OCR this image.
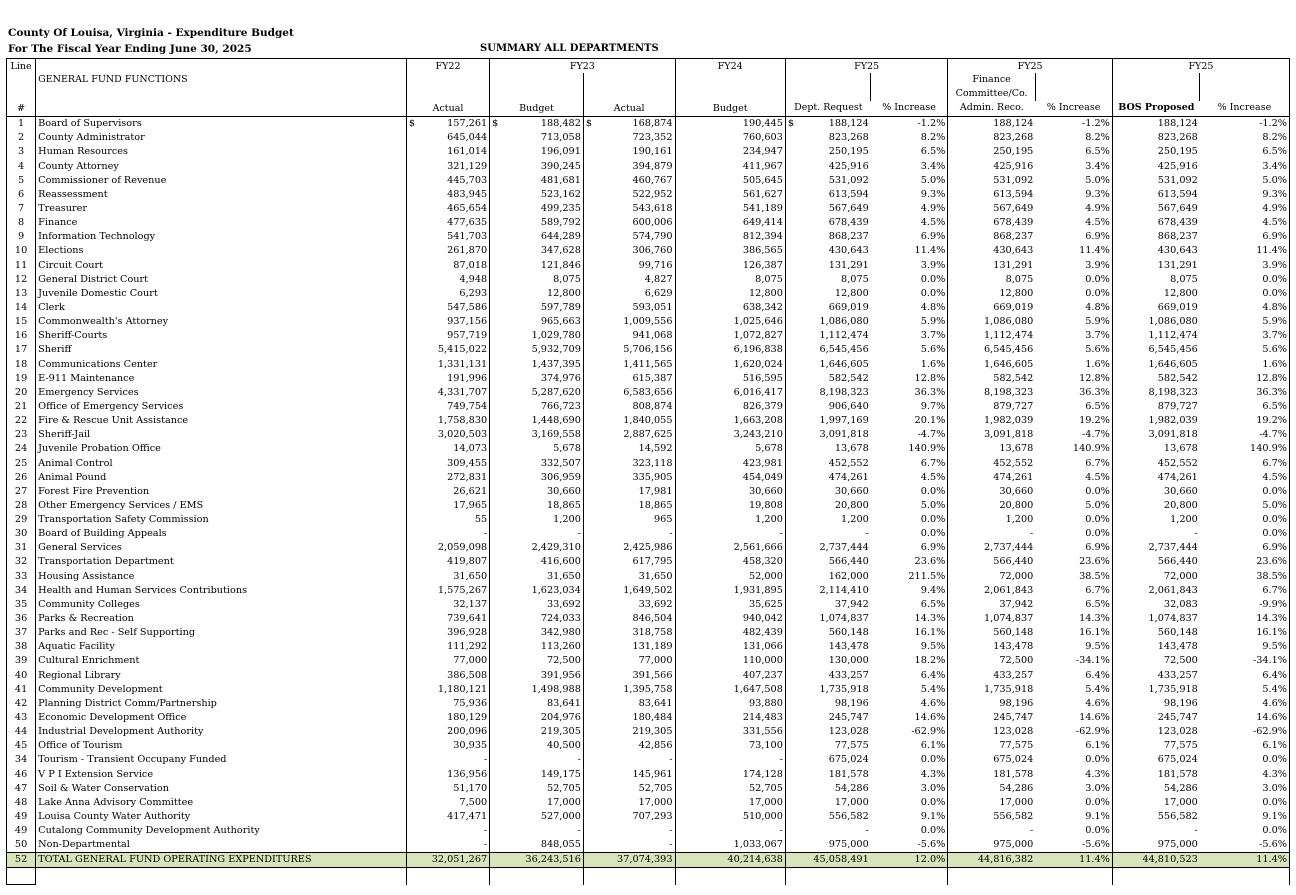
County Of Louisa, Virginia - Expenditure Budget
For The Fiscal Year Ending June 30, 2025	SUMMARY ALL DEPARTMENTS
Line		FY22	FY23		FY24	FY25		FY25		FY25	
	GENERAL FUND FUNCTIONS							Finance			
								Committee/Co.			
#		Actual	Budget	Actual	Budget	Dept. Request	% Increase	Admin. Reco.	% Increase	BOS Proposed	% Increase
1	Board of Supervisors	$ 157,261	$ 188,482	$ 168,874	190,445	$ 188,124	-1.2%	188,124	-1.2%	188,124	-1.2%
2	County Administrator	645,044	713,058	723,352	760,603	823,268	8.2%	823,268	8.2%	823,268	8.2%
3	Human Resources	161,014	196,091	190,161	234,947	250,195	6.5%	250,195	6.5%	250,195	6.5%
4	County Attorney	321,129	390,245	394,879	411,967	425,916	3.4%	425,916	3.4%	425,916	3.4%
5	Commissioner of Revenue	445,703	481,681	460,767	505,645	531,092	5.0%	531,092	5.0%	531,092	5.0%
6	Reassessment	483,945	523,162	522,952	561,627	613,594	9.3%	613,594	9.3%	613,594	9.3%
7	Treasurer	465,654	499,235	543,618	541,189	567,649	4.9%	567,649	4.9%	567,649	4.9%
8	Finance	477,635	589,792	600,006	649,414	678,439	4.5%	678,439	4.5%	678,439	4.5%
9	Information Technology	541,703	644,289	574,790	812,394	868,237	6.9%	868,237	6.9%	868,237	6.9%
10	Elections	261,870	347,628	306,760	386,565	430,643	11.4%	430,643	11.4%	430,643	11.4%
11	Circuit Court	87,018	121,846	99,716	126,387	131,291	3.9%	131,291	3.9%	131,291	3.9%
12	General District Court	4,948	8,075	4,827	8,075	8,075	0.0%	8,075	0.0%	8,075	0.0%
13	Juvenile Domestic Court	6,293	12,800	6,629	12,800	12,800	0.0%	12,800	0.0%	12,800	0.0%
14	Clerk	547,586	597,789	593,051	638,342	669,019	4.8%	669,019	4.8%	669,019	4.8%
15	Commonwealth's Attorney	937,156	965,663	1,009,556	1,025,646	1,086,080	5.9%	1,086,080	5.9%	1,086,080	5.9%
16	Sheriff-Courts	957,719	1,029,780	941,068	1,072,827	1,112,474	3.7%	1,112,474	3.7%	1,112,474	3.7%
17	Sheriff	5,415,022	5,932,709	5,706,156	6,196,838	6,545,456	5.6%	6,545,456	5.6%	6,545,456	5.6%
18	Communications Center	1,331,131	1,437,395	1,411,565	1,620,024	1,646,605	1.6%	1,646,605	1.6%	1,646,605	1.6%
19	E-911 Maintenance	191,996	374,976	615,387	516,595	582,542	12.8%	582,542	12.8%	582,542	12.8%
20	Emergency Services	4,331,707	5,287,620	6,583,656	6,016,417	8,198,323	36.3%	8,198,323	36.3%	8,198,323	36.3%
21	Office of Emergency Services	749,754	766,723	808,874	826,379	906,640	9.7%	879,727	6.5%	879,727	6.5%
22	Fire & Rescue Unit Assistance	1,758,830	1,448,690	1,840,055	1,663,208	1,997,169	20.1%	1,982,039	19.2%	1,982,039	19.2%
23	Sheriff-Jail	3,020,503	3,169,558	2,887,625	3,243,210	3,091,818	-4.7%	3,091,818	-4.7%	3,091,818	-4.7%
24	Juvenile Probation Office	14,073	5,678	14,592	5,678	13,678	140.9%	13,678	140.9%	13,678	140.9%
25	Animal Control	309,455	332,507	323,118	423,981	452,552	6.7%	452,552	6.7%	452,552	6.7%
26	Animal Pound	272,831	306,959	335,905	454,049	474,261	4.5%	474,261	4.5%	474,261	4.5%
27	Forest Fire Prevention	26,621	30,660	17,981	30,660	30,660	0.0%	30,660	0.0%	30,660	0.0%
28	Other Emergency Services / EMS	17,965	18,865	18,865	19,808	20,800	5.0%	20,800	5.0%	20,800	5.0%
29	Transportation Safety Commission	55	1,200	965	1,200	1,200	0.0%	1,200	0.0%	1,200	0.0%
30	Board of Building Appeals	-	-	-	-	-	0.0%	-	0.0%	-	0.0%
31	General Services	2,059,098	2,429,310	2,425,986	2,561,666	2,737,444	6.9%	2,737,444	6.9%	2,737,444	6.9%
32	Transportation Department	419,807	416,600	617,795	458,320	566,440	23.6%	566,440	23.6%	566,440	23.6%
33	Housing Assistance	31,650	31,650	31,650	52,000	162,000	211.5%	72,000	38.5%	72,000	38.5%
34	Health and Human Services Contributions	1,575,267	1,623,034	1,649,502	1,931,895	2,114,410	9.4%	2,061,843	6.7%	2,061,843	6.7%
35	Community Colleges	32,137	33,692	33,692	35,625	37,942	6.5%	37,942	6.5%	32,083	-9.9%
36	Parks & Recreation	739,641	724,033	846,504	940,042	1,074,837	14.3%	1,074,837	14.3%	1,074,837	14.3%
37	Parks and Rec - Self Supporting	396,928	342,980	318,758	482,439	560,148	16.1%	560,148	16.1%	560,148	16.1%
38	Aquatic Facility	111,292	113,260	131,189	131,066	143,478	9.5%	143,478	9.5%	143,478	9.5%
39	Cultural Enrichment	77,000	72,500	77,000	110,000	130,000	18.2%	72,500	-34.1%	72,500	-34.1%
40	Regional Library	386,508	391,956	391,566	407,237	433,257	6.4%	433,257	6.4%	433,257	6.4%
41	Community Development	1,180,121	1,498,988	1,395,758	1,647,508	1,735,918	5.4%	1,735,918	5.4%	1,735,918	5.4%
42	Planning District Comm/Partnership	75,936	83,641	83,641	93,880	98,196	4.6%	98,196	4.6%	98,196	4.6%
43	Economic Development Office	180,129	204,976	180,484	214,483	245,747	14.6%	245,747	14.6%	245,747	14.6%
44	Industrial Development Authority	200,096	219,305	219,305	331,556	123,028	-62.9%	123,028	-62.9%	123,028	-62.9%
45	Office of Tourism	30,935	40,500	42,856	73,100	77,575	6.1%	77,575	6.1%	77,575	6.1%
34	Tourism - Transient Occupany Funded	-	-	-	-	675,024	0.0%	675,024	0.0%	675,024	0.0%
46	V P I Extension Service	136,956	149,175	145,961	174,128	181,578	4.3%	181,578	4.3%	181,578	4.3%
47	Soil & Water Conservation	51,170	52,705	52,705	52,705	54,286	3.0%	54,286	3.0%	54,286	3.0%
48	Lake Anna Advisory Committee	7,500	17,000	17,000	17,000	17,000	0.0%	17,000	0.0%	17,000	0.0%
49	Louisa County Water Authority	417,471	527,000	707,293	510,000	556,582	9.1%	556,582	9.1%	556,582	9.1%
49	Cutalong Community Development Authority	-	-	-	-	-	0.0%	-	0.0%	-	0.0%
50	Non-Departmental	-	848,055	-	1,033,067	975,000	-5.6%	975,000	-5.6%	975,000	-5.6%
52	TOTAL GENERAL FUND OPERATING EXPENDITURES	32,051,267	36,243,516	37,074,393	40,214,638	45,058,491	12.0%	44,816,382	11.4%	44,810,523	11.4%
